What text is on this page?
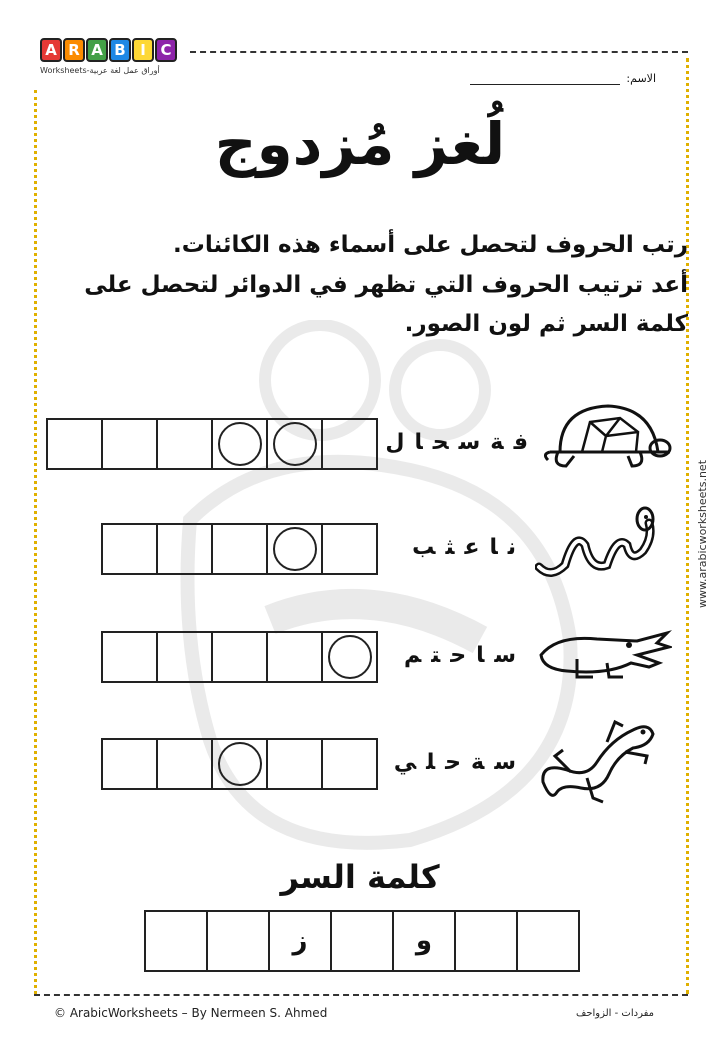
A R A B I C
Worksheets-أوراق عمل لغة عربية
الاسم:
لُغز مُزدوج
رتب الحروف لتحصل على أسماء هذه الكائنات.
أعد ترتيب الحروف التي تظهر في الدوائر لتحصل على
كلمة السر ثم لون الصور.
فةسحال
ناعثب
ساحتم
سةحلي
كلمة السر
ز	و
© ArabicWorksheets – By Nermeen S. Ahmed	مفردات - الزواحف
www.arabicworksheets.net
